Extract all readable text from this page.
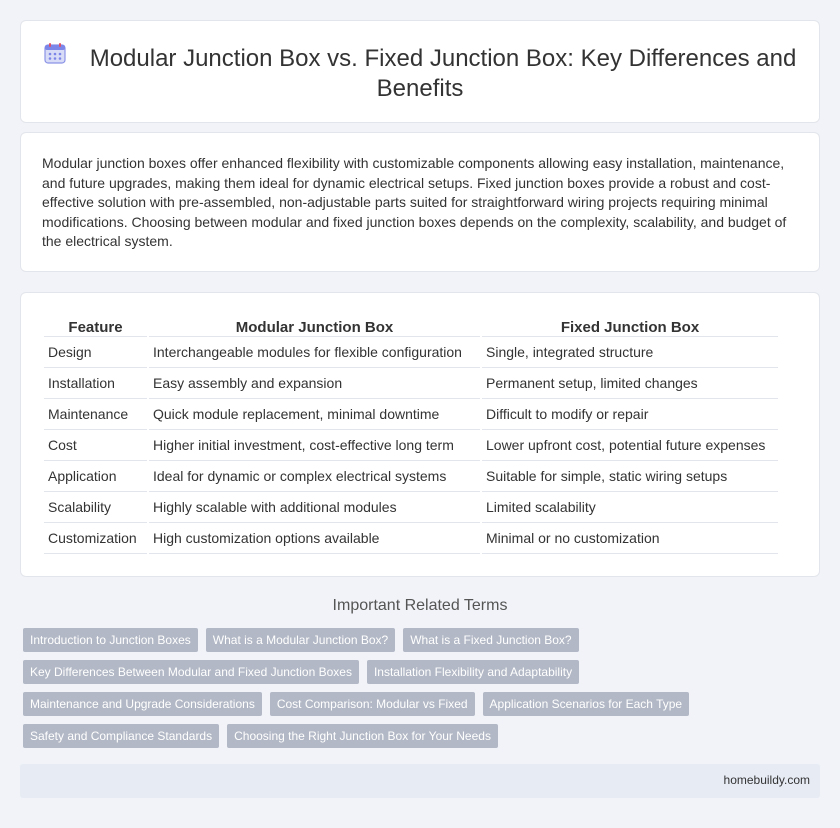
Modular Junction Box vs. Fixed Junction Box: Key Differences and Benefits

Modular junction boxes offer enhanced flexibility with customizable components allowing easy installation, maintenance, and future upgrades, making them ideal for dynamic electrical setups. Fixed junction boxes provide a robust and cost-effective solution with pre-assembled, non-adjustable parts suited for straightforward wiring projects requiring minimal modifications. Choosing between modular and fixed junction boxes depends on the complexity, scalability, and budget of the electrical system.

Feature	Modular Junction Box	Fixed Junction Box
Design	Interchangeable modules for flexible configuration	Single, integrated structure
Installation	Easy assembly and expansion	Permanent setup, limited changes
Maintenance	Quick module replacement, minimal downtime	Difficult to modify or repair
Cost	Higher initial investment, cost-effective long term	Lower upfront cost, potential future expenses
Application	Ideal for dynamic or complex electrical systems	Suitable for simple, static wiring setups
Scalability	Highly scalable with additional modules	Limited scalability
Customization	High customization options available	Minimal or no customization
Important Related Terms
Introduction to Junction Boxes	What is a Modular Junction Box?	What is a Fixed Junction Box?
Key Differences Between Modular and Fixed Junction Boxes	Installation Flexibility and Adaptability
Maintenance and Upgrade Considerations	Cost Comparison: Modular vs Fixed	Application Scenarios for Each Type
Safety and Compliance Standards	Choosing the Right Junction Box for Your Needs
homebuildy.com
